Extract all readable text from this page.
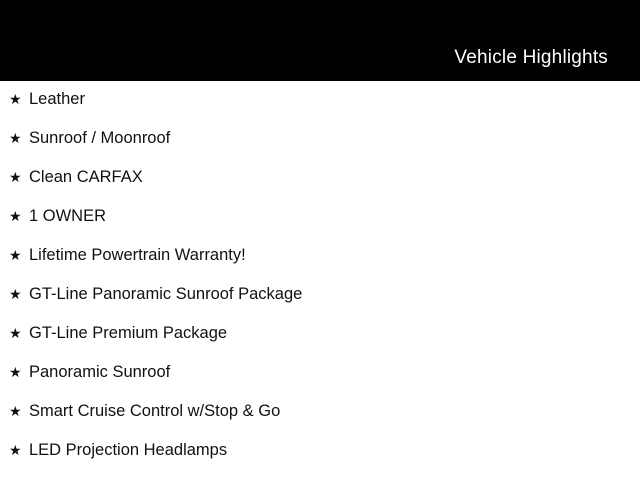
Vehicle Highlights
★ Leather
★ Sunroof / Moonroof
★ Clean CARFAX
★ 1 OWNER
★ Lifetime Powertrain Warranty!
★ GT-Line Panoramic Sunroof Package
★ GT-Line Premium Package
★ Panoramic Sunroof
★ Smart Cruise Control w/Stop & Go
★ LED Projection Headlamps
